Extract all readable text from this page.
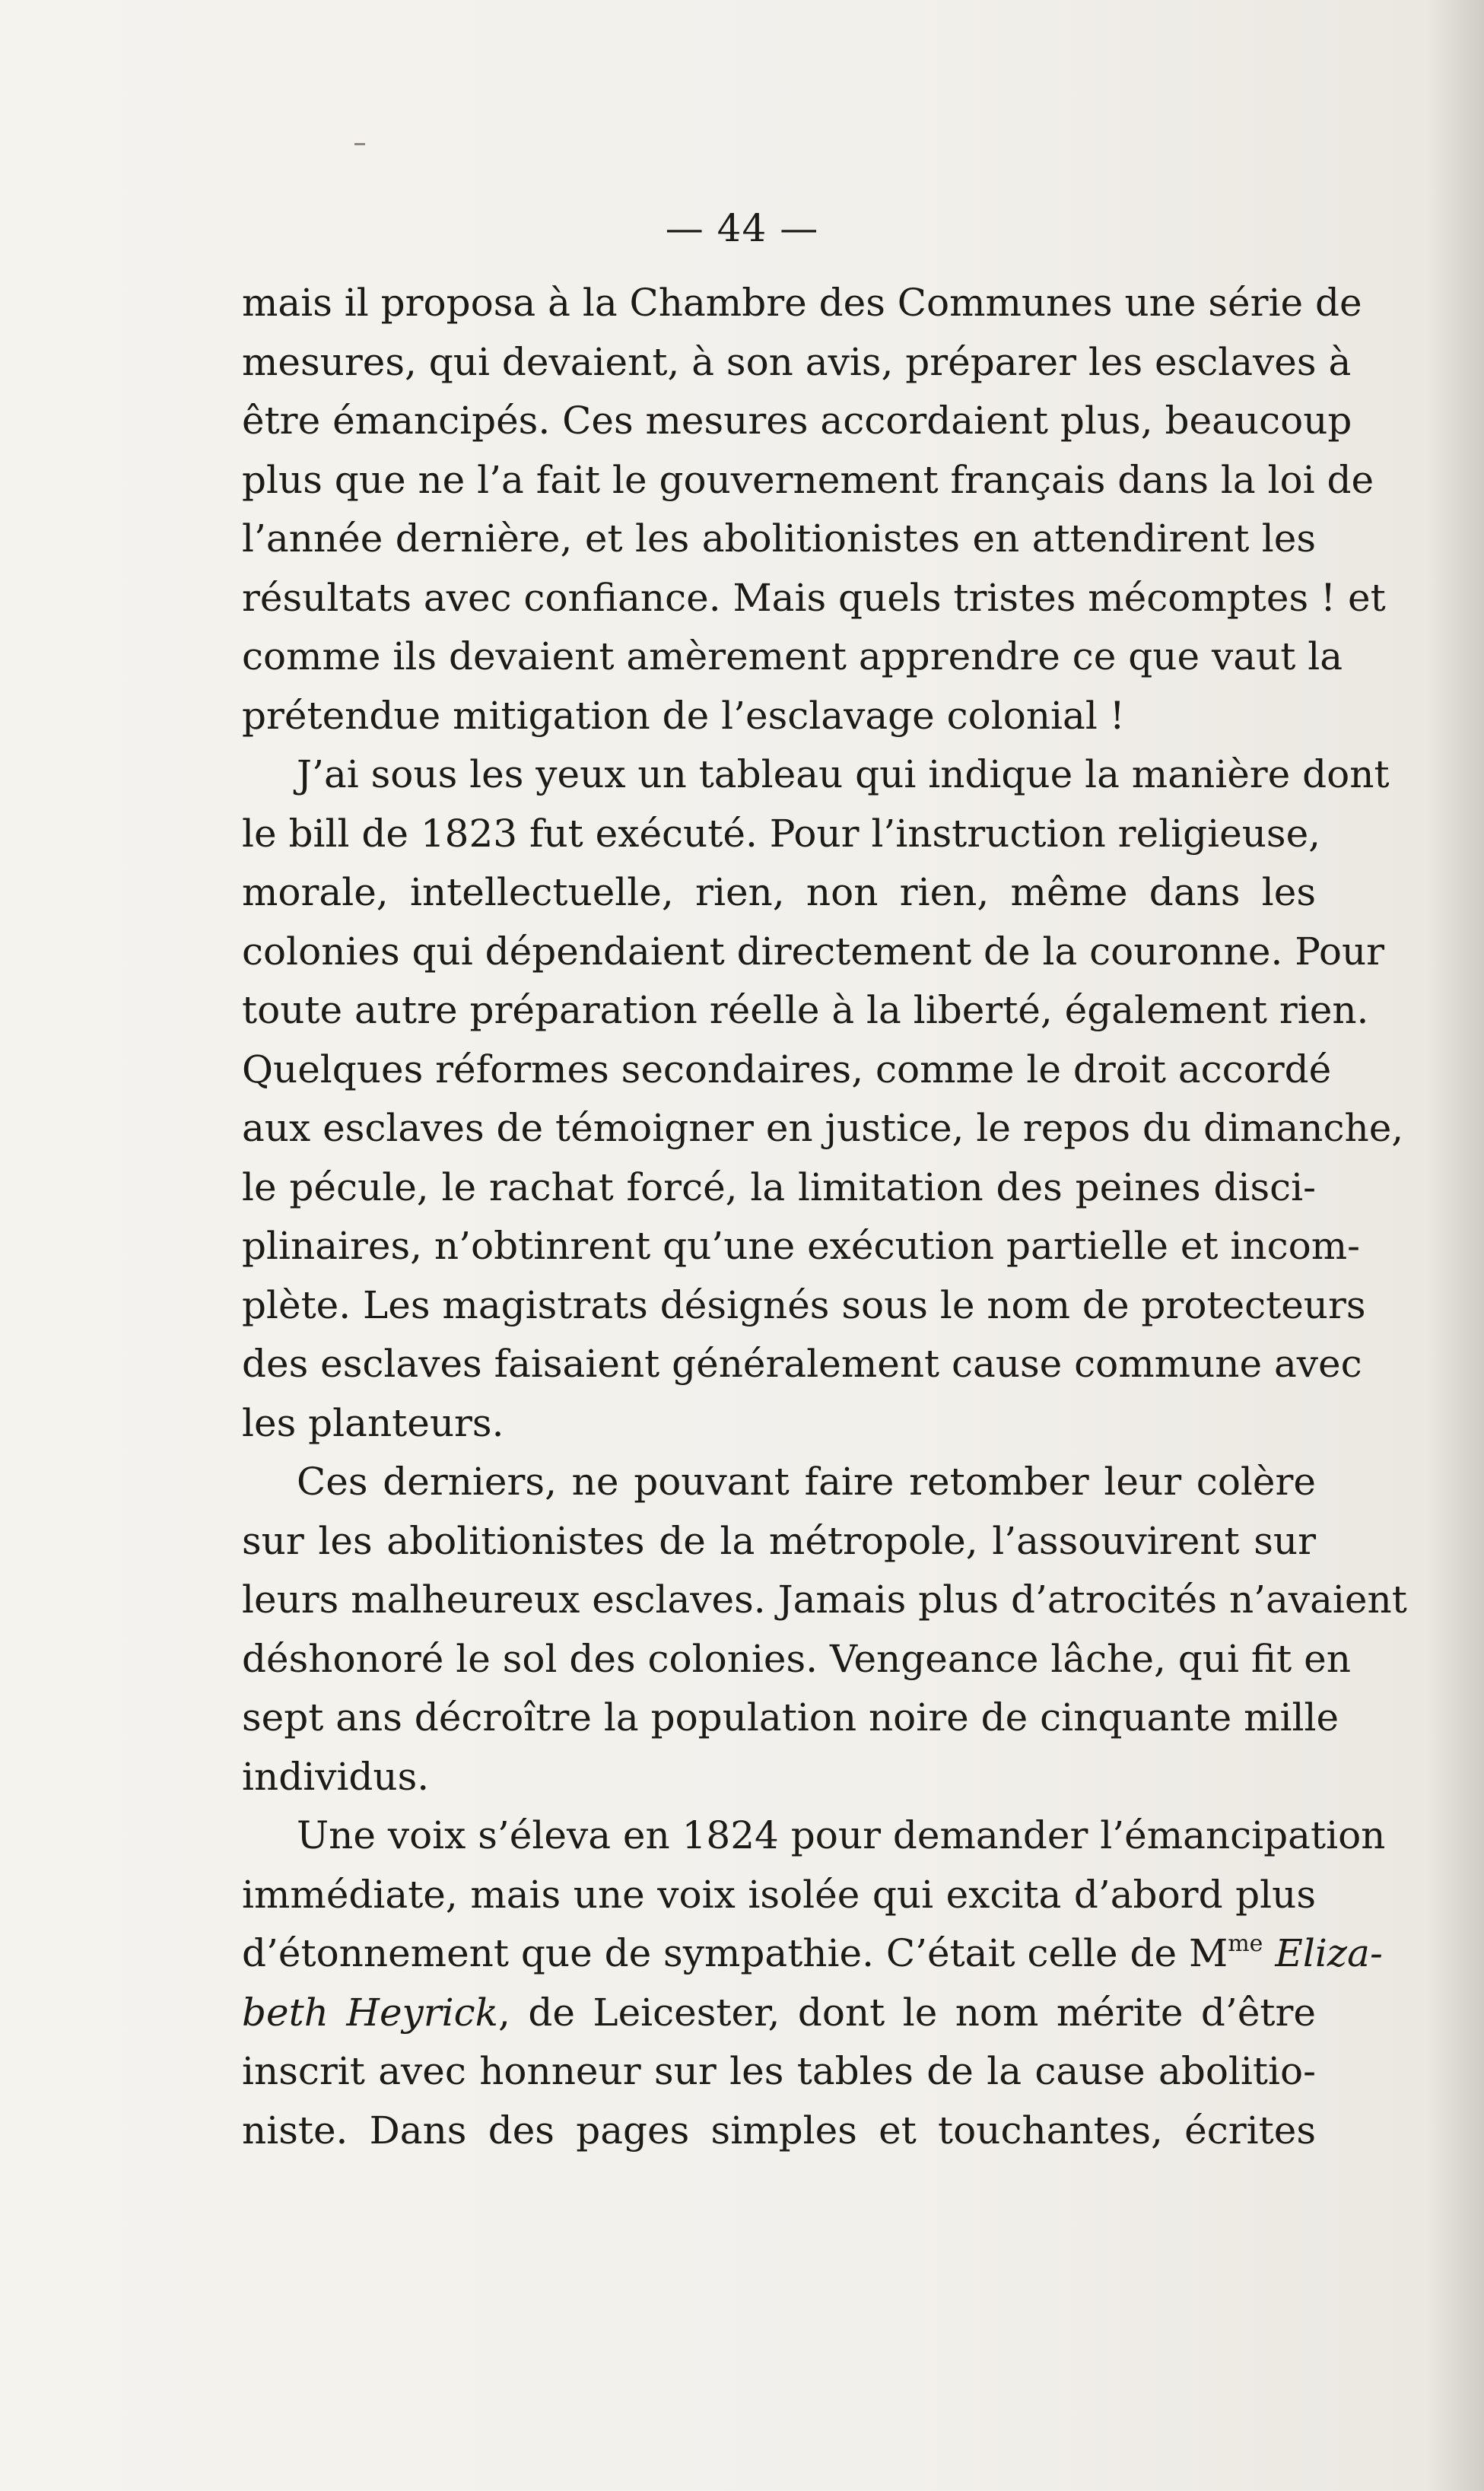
— 44 —
mais il proposa à la Chambre des Communes une série de
mesures, qui devaient, à son avis, préparer les esclaves à
être émancipés. Ces mesures accordaient plus, beaucoup
plus que ne l’a fait le gouvernement français dans la loi de
l’année dernière, et les abolitionistes en attendirent les
résultats avec confiance. Mais quels tristes mécomptes ! et
comme ils devaient amèrement apprendre ce que vaut la
prétendue mitigation de l’esclavage colonial !
J’ai sous les yeux un tableau qui indique la manière dont
le bill de 1823 fut exécuté. Pour l’instruction religieuse,
morale, intellectuelle, rien, non rien, même dans les
colonies qui dépendaient directement de la couronne. Pour
toute autre préparation réelle à la liberté, également rien.
Quelques réformes secondaires, comme le droit accordé
aux esclaves de témoigner en justice, le repos du dimanche,
le pécule, le rachat forcé, la limitation des peines disci-
plinaires, n’obtinrent qu’une exécution partielle et incom-
plète. Les magistrats désignés sous le nom de protecteurs
des esclaves faisaient généralement cause commune avec
les planteurs.
Ces derniers, ne pouvant faire retomber leur colère
sur les abolitionistes de la métropole, l’assouvirent sur
leurs malheureux esclaves. Jamais plus d’atrocités n’avaient
déshonoré le sol des colonies. Vengeance lâche, qui fit en
sept ans décroître la population noire de cinquante mille
individus.
Une voix s’éleva en 1824 pour demander l’émancipation
immédiate, mais une voix isolée qui excita d’abord plus
d’étonnement que de sympathie. C’était celle de $M^{me}$ Eliza-
beth Heyrick, de Leicester, dont le nom mérite d’être
inscrit avec honneur sur les tables de la cause abolitio-
niste. Dans des pages simples et touchantes, écrites
